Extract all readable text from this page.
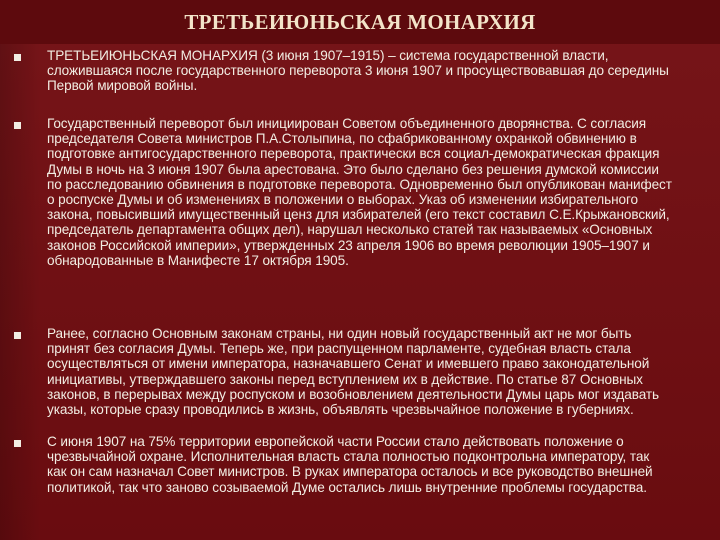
ТРЕТЬЕИЮНЬСКАЯ МОНАРХИЯ

ТРЕТЬЕИЮНЬСКАЯ МОНАРХИЯ (3 июня 1907–1915) – система государственной власти, сложившаяся после государственного переворота 3 июня 1907 и просуществовавшая до середины Первой мировой войны.

Государственный переворот был инициирован Советом объединенного дворянства. С согласия председателя Совета министров П.А.Столыпина, по сфабрикованному охранкой обвинению в подготовке антигосударственного переворота, практически вся социал-демократическая фракция Думы в ночь на 3 июня 1907 была арестована. Это было сделано без решения думской комиссии по расследованию обвинения в подготовке переворота. Одновременно был опубликован манифест о роспуске Думы и об изменениях в положении о выборах. Указ об изменении избирательного закона, повысивший имущественный ценз для избирателей (его текст составил С.Е.Крыжановский, председатель департамента общих дел), нарушал несколько статей так называемых «Основных законов Российской империи», утвержденных 23 апреля 1906 во время революции 1905–1907 и обнародованные в Манифесте 17 октября 1905.

Ранее, согласно Основным законам страны, ни один новый государственный акт не мог быть принят без согласия Думы. Теперь же, при распущенном парламенте, судебная власть стала осуществляться от имени императора, назначавшего Сенат и имевшего право законодательной инициативы, утверждавшего законы перед вступлением их в действие. По статье 87 Основных законов, в перерывах между роспуском и возобновлением деятельности Думы царь мог издавать указы, которые сразу проводились в жизнь, объявлять чрезвычайное положение в губерниях.

С июня 1907 на 75% территории европейской части России стало действовать положение о чрезвычайной охране. Исполнительная власть стала полностью подконтрольна императору, так как он сам назначал Совет министров. В руках императора осталось и все руководство внешней политикой, так что заново созываемой Думе остались лишь внутренние проблемы государства.
